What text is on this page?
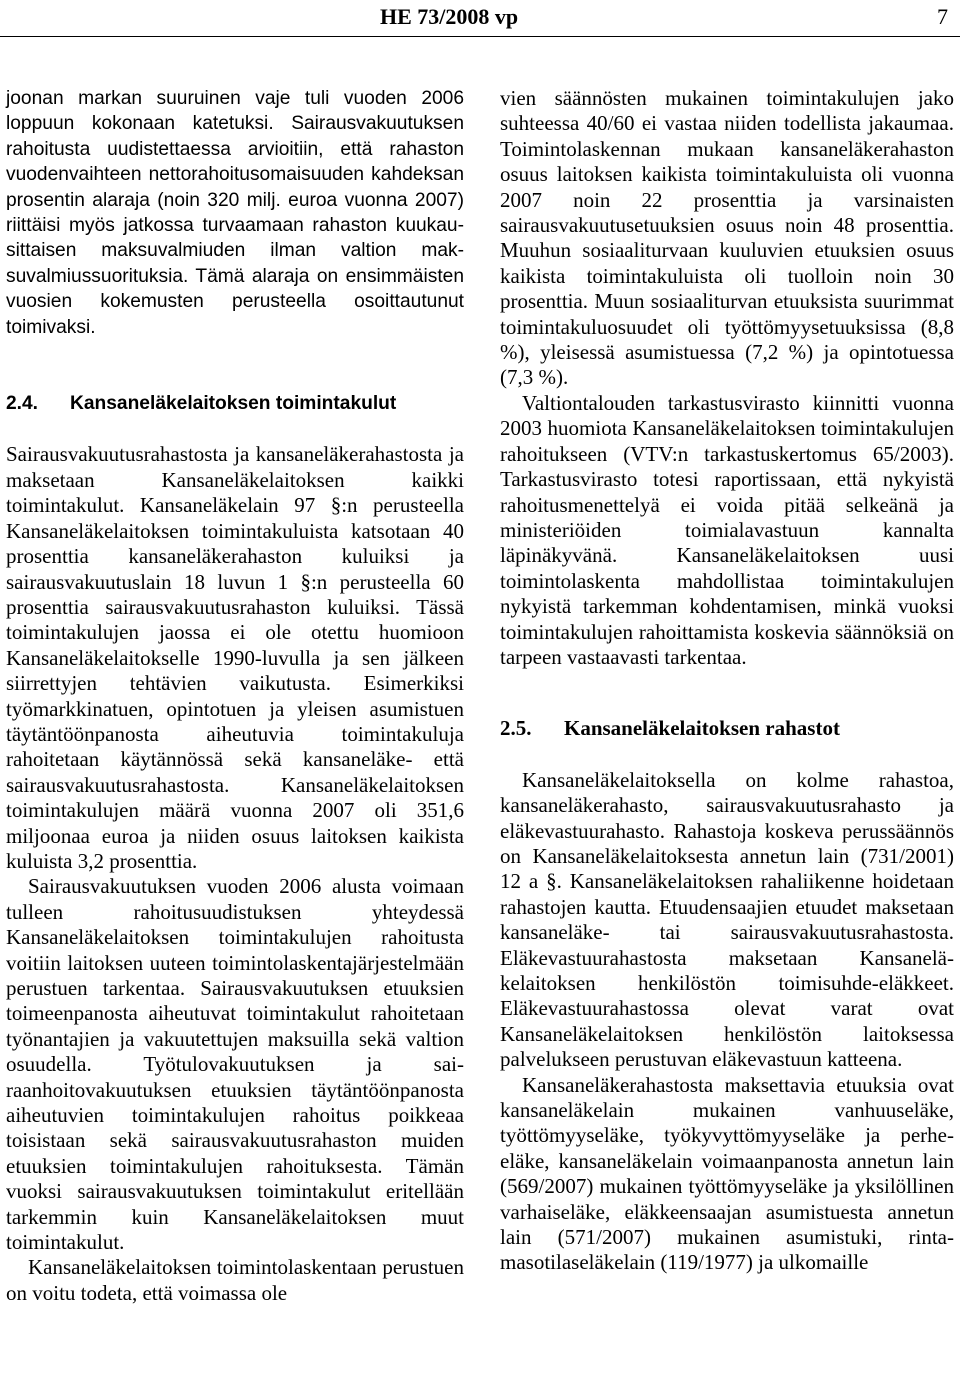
HE 73/2008 vp	7

joonan markan suuruinen vaje tuli vuoden 2006 loppuun kokonaan katetuksi. Sairausvakuutuksen rahoitusta uudistettaessa arvioitiin, että rahaston vuodenvaihteen nettorahoitusomaisuuden kahdeksan prosentin alaraja (noin 320 milj. euroa vuonna 2007) riittäisi myös jatkossa turvaamaan rahaston kuukausittaisen maksuvalmiuden ilman valtion maksuvalmiussuorituksia. Tämä alaraja on ensimmäisten vuosien kokemusten perusteella osoittautunut toimivaksi.

2.4. Kansaneläkelaitoksen toimintakulut

Sairausvakuutusrahastosta ja kansaneläkerahastosta ja maksetaan Kansaneläkelaitoksen kaikki toimintakulut. Kansaneläkelain 97 §:n perusteella Kansaneläkelaitoksen toimintakuluista katsotaan 40 prosenttia kansaneläkerahaston kuluiksi ja sairausvakuutuslain 18 luvun 1 §:n perusteella 60 prosenttia sairausvakuutusrahaston kuluiksi. Tässä toimintakulujen jaossa ei ole otettu huomioon Kansaneläkelaitokselle 1990-luvulla ja sen jälkeen siirrettyjen tehtävien vaikutusta. Esimerkiksi työmarkkinatuen, opintotuen ja yleisen asumistuen täytäntöönpanosta aiheutuvia toimintakuluja rahoitetaan käytännössä sekä kansaneläke- että sairausvakuutusrahastosta. Kansaneläkelaitoksen toimintakulujen määrä vuonna 2007 oli 351,6 miljoonaa euroa ja niiden osuus laitoksen kaikista kuluista 3,2 prosenttia.

Sairausvakuutuksen vuoden 2006 alusta voimaan tulleen rahoitusuudistuksen yhteydessä Kansaneläkelaitoksen toimintakulujen rahoitusta voitiin laitoksen uuteen toimintolaskentajärjestelmään perustuen tarkentaa. Sairausvakuutuksen etuuksien toimeenpanosta aiheutuvat toimintakulut rahoitetaan työnantajien ja vakuutettujen maksuilla sekä valtion osuudella. Työtulovakuutuksen ja sairaanhoitovakuutuksen etuuksien täytäntöönpanosta aiheutuvien toimintakulujen rahoitus poikkeaa toisistaan sekä sairausvakuutusrahaston muiden etuuksien toimintakulujen rahoituksesta. Tämän vuoksi sairausvakuutuksen toimintakulut eritellään tarkemmin kuin Kansaneläkelaitoksen muut toimintakulut.

Kansaneläkelaitoksen toimintolaskentaan perustuen on voitu todeta, että voimassa ole

vien säännösten mukainen toimintakulujen jako suhteessa 40/60 ei vastaa niiden todellista jakaumaa. Toimintolaskennan mukaan kansaneläkerahaston osuus laitoksen kaikista toimintakuluista oli vuonna 2007 noin 22 prosenttia ja varsinaisten sairausvakuutusetuuksien osuus noin 48 prosenttia. Muuhun sosiaaliturvaan kuuluvien etuuksien osuus kaikista toimintakuluista oli tuolloin noin 30 prosenttia. Muun sosiaaliturvan etuuksista suurimmat toimintakuluosuudet oli työttömyysetuuksissa (8,8 %), yleisessä asumistuessa (7,2 %) ja opintotuessa (7,3 %).

Valtiontalouden tarkastusvirasto kiinnitti vuonna 2003 huomiota Kansaneläkelaitoksen toimintakulujen rahoitukseen (VTV:n tarkastuskertomus 65/2003). Tarkastusvirasto totesi raportissaan, että nykyistä rahoitusmenettelyä ei voida pitää selkeänä ja ministeriöiden toimialavastuun kannalta läpinäkyvänä. Kansaneläkelaitoksen uusi toimintolaskenta mahdollistaa toimintakulujen nykyistä tarkemman kohdentamisen, minkä vuoksi toimintakulujen rahoittamista koskevia säännöksiä on tarpeen vastaavasti tarkentaa.

2.5. Kansaneläkelaitoksen rahastot

Kansaneläkelaitoksella on kolme rahastoa, kansaneläkerahasto, sairausvakuutusrahasto ja eläkevastuurahasto. Rahastoja koskeva perussäännös on Kansaneläkelaitoksesta annetun lain (731/2001) 12 a §. Kansaneläkelaitoksen rahaliikenne hoidetaan rahastojen kautta. Etuudensaajien etuudet maksetaan kansaneläke- tai sairausvakuutusrahastosta. Eläkevastuurahastosta maksetaan Kansaneläkelaitoksen henkilöstön toimisuhde-eläkkeet. Eläkevastuurahastossa olevat varat ovat Kansaneläkelaitoksen henkilöstön laitoksessa palvelukseen perustuvan eläkevastuun katteena.

Kansaneläkerahastosta maksettavia etuuksia ovat kansaneläkelain mukainen vanhuuseläke, työttömyyseläke, työkyvyttömyyseläke ja perhe-eläke, kansaneläkelain voimaanpanosta annetun lain (569/2007) mukainen työttömyyseläke ja yksilöllinen varhaiseläke, eläkkeensaajan asumistuesta annetun lain (571/2007) mukainen asumistuki, rintamasotilaseläkelain (119/1977) ja ulkomaille
